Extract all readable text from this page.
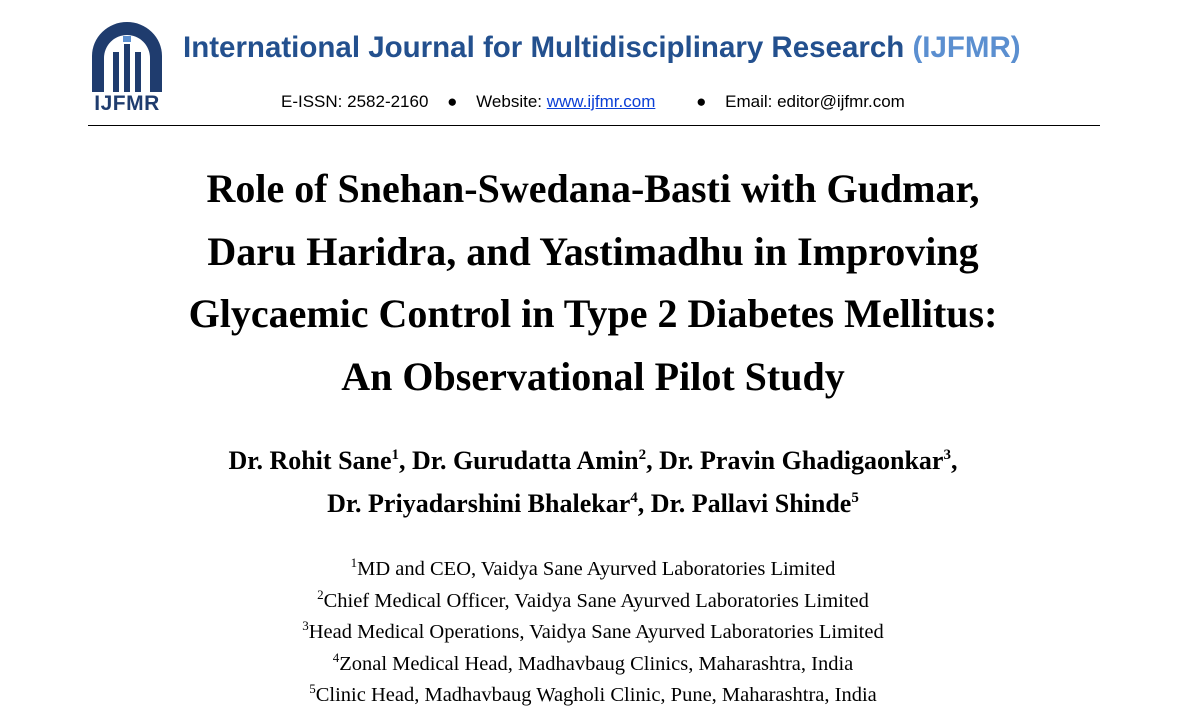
IJFMR
International Journal for Multidisciplinary Research (IJFMR)
E-ISSN: 2582-2160 ● Website: www.ijfmr.com ● Email: editor@ijfmr.com
Role of Snehan-Swedana-Basti with Gudmar,
Daru Haridra, and Yastimadhu in Improving
Glycaemic Control in Type 2 Diabetes Mellitus:
An Observational Pilot Study
Dr. Rohit Sane$^1$, Dr. Gurudatta Amin$^2$, Dr. Pravin Ghadigaonkar$^3$,
Dr. Priyadarshini Bhalekar$^4$, Dr. Pallavi Shinde$^5$
$^1$MD and CEO, Vaidya Sane Ayurved Laboratories Limited
$^2$Chief Medical Officer, Vaidya Sane Ayurved Laboratories Limited
$^3$Head Medical Operations, Vaidya Sane Ayurved Laboratories Limited
$^4$Zonal Medical Head, Madhavbaug Clinics, Maharashtra, India
$^5$Clinic Head, Madhavbaug Wagholi Clinic, Pune, Maharashtra, India
